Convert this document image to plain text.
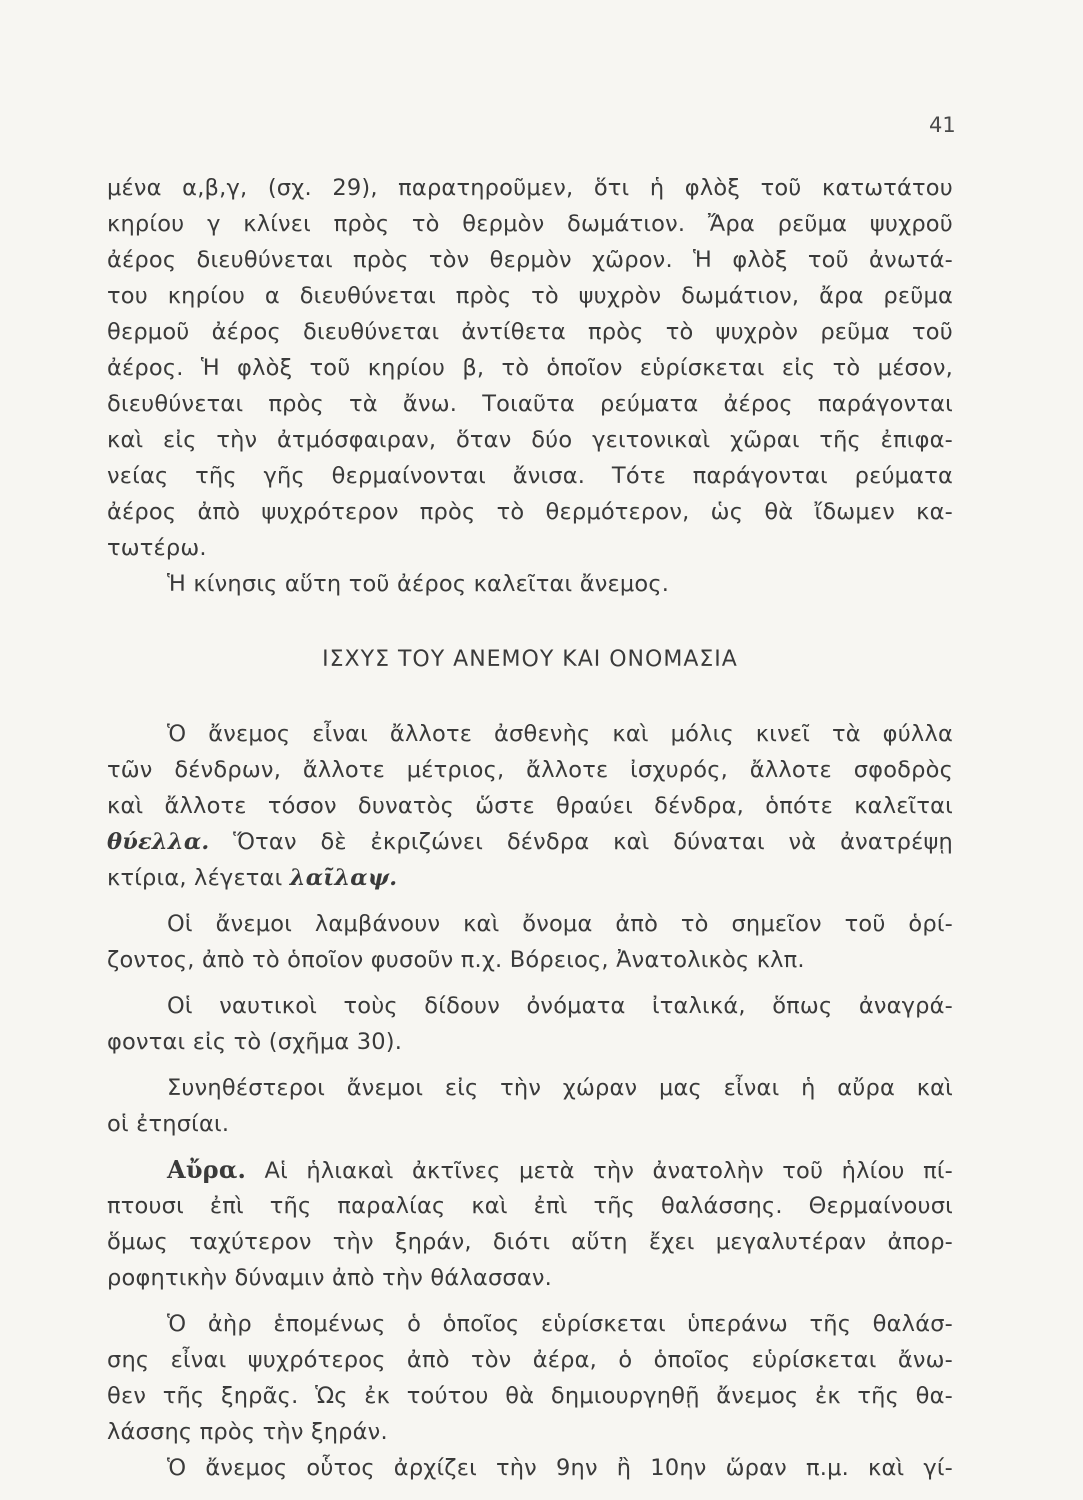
41
μένα α,β,γ, (σχ. 29), παρατηροῦμεν, ὅτι ἡ φλὸξ τοῦ κατωτάτου
κηρίου γ κλίνει πρὸς τὸ θερμὸν δωμάτιον. Ἄρα ρεῦμα ψυχροῦ
ἀέρος διευθύνεται πρὸς τὸν θερμὸν χῶρον. Ἡ φλὸξ τοῦ ἀνωτά-
του κηρίου α διευθύνεται πρὸς τὸ ψυχρὸν δωμάτιον, ἄρα ρεῦμα
θερμοῦ ἀέρος διευθύνεται ἀντίθετα πρὸς τὸ ψυχρὸν ρεῦμα τοῦ
ἀέρος. Ἡ φλὸξ τοῦ κηρίου β, τὸ ὁποῖον εὑρίσκεται εἰς τὸ μέσον,
διευθύνεται πρὸς τὰ ἄνω. Τοιαῦτα ρεύματα ἀέρος παράγονται
καὶ εἰς τὴν ἀτμόσφαιραν, ὅταν δύο γειτονικαὶ χῶραι τῆς ἐπιφα-
νείας τῆς γῆς θερμαίνονται ἄνισα. Τότε παράγονται ρεύματα
ἀέρος ἀπὸ ψυχρότερον πρὸς τὸ θερμότερον, ὡς θὰ ἴδωμεν κα-
τωτέρω.
Ἡ κίνησις αὕτη τοῦ ἀέρος καλεῖται ἄνεμος.
ΙΣΧΥΣ ΤΟΥ ΑΝΕΜΟΥ ΚΑΙ ΟΝΟΜΑΣΙΑ
Ὁ ἄνεμος εἶναι ἄλλοτε ἀσθενὴς καὶ μόλις κινεῖ τὰ φύλλα
τῶν δένδρων, ἄλλοτε μέτριος, ἄλλοτε ἰσχυρός, ἄλλοτε σφοδρὸς
καὶ ἄλλοτε τόσον δυνατὸς ὥστε θραύει δένδρα, ὁπότε καλεῖται
θύελλα. Ὅταν δὲ ἐκριζώνει δένδρα καὶ δύναται νὰ ἀνατρέψῃ
κτίρια, λέγεται λαῖλαψ.
Οἱ ἄνεμοι λαμβάνουν καὶ ὄνομα ἀπὸ τὸ σημεῖον τοῦ ὁρί-
ζοντος, ἀπὸ τὸ ὁποῖον φυσοῦν π.χ. Βόρειος, Ἀνατολικὸς κλπ.
Οἱ ναυτικοὶ τοὺς δίδουν ὀνόματα ἰταλικά, ὅπως ἀναγρά-
φονται εἰς τὸ (σχῆμα 30).
Συνηθέστεροι ἄνεμοι εἰς τὴν χώραν μας εἶναι ἡ αὔρα καὶ
οἱ ἐτησίαι.
Αὔρα. Αἱ ἡλιακαὶ ἀκτῖνες μετὰ τὴν ἀνατολὴν τοῦ ἡλίου πί-
πτουσι ἐπὶ τῆς παραλίας καὶ ἐπὶ τῆς θαλάσσης. Θερμαίνουσι
ὅμως ταχύτερον τὴν ξηράν, διότι αὕτη ἔχει μεγαλυτέραν ἀπορ-
ροφητικὴν δύναμιν ἀπὸ τὴν θάλασσαν.
Ὁ ἀὴρ ἑπομένως ὁ ὁποῖος εὑρίσκεται ὑπεράνω τῆς θαλάσ-
σης εἶναι ψυχρότερος ἀπὸ τὸν ἀέρα, ὁ ὁποῖος εὑρίσκεται ἄνω-
θεν τῆς ξηρᾶς. Ὡς ἐκ τούτου θὰ δημιουργηθῇ ἄνεμος ἐκ τῆς θα-
λάσσης πρὸς τὴν ξηράν.
Ὁ ἄνεμος οὗτος ἀρχίζει τὴν 9ην ἢ 10ην ὥραν π.μ. καὶ γί-
